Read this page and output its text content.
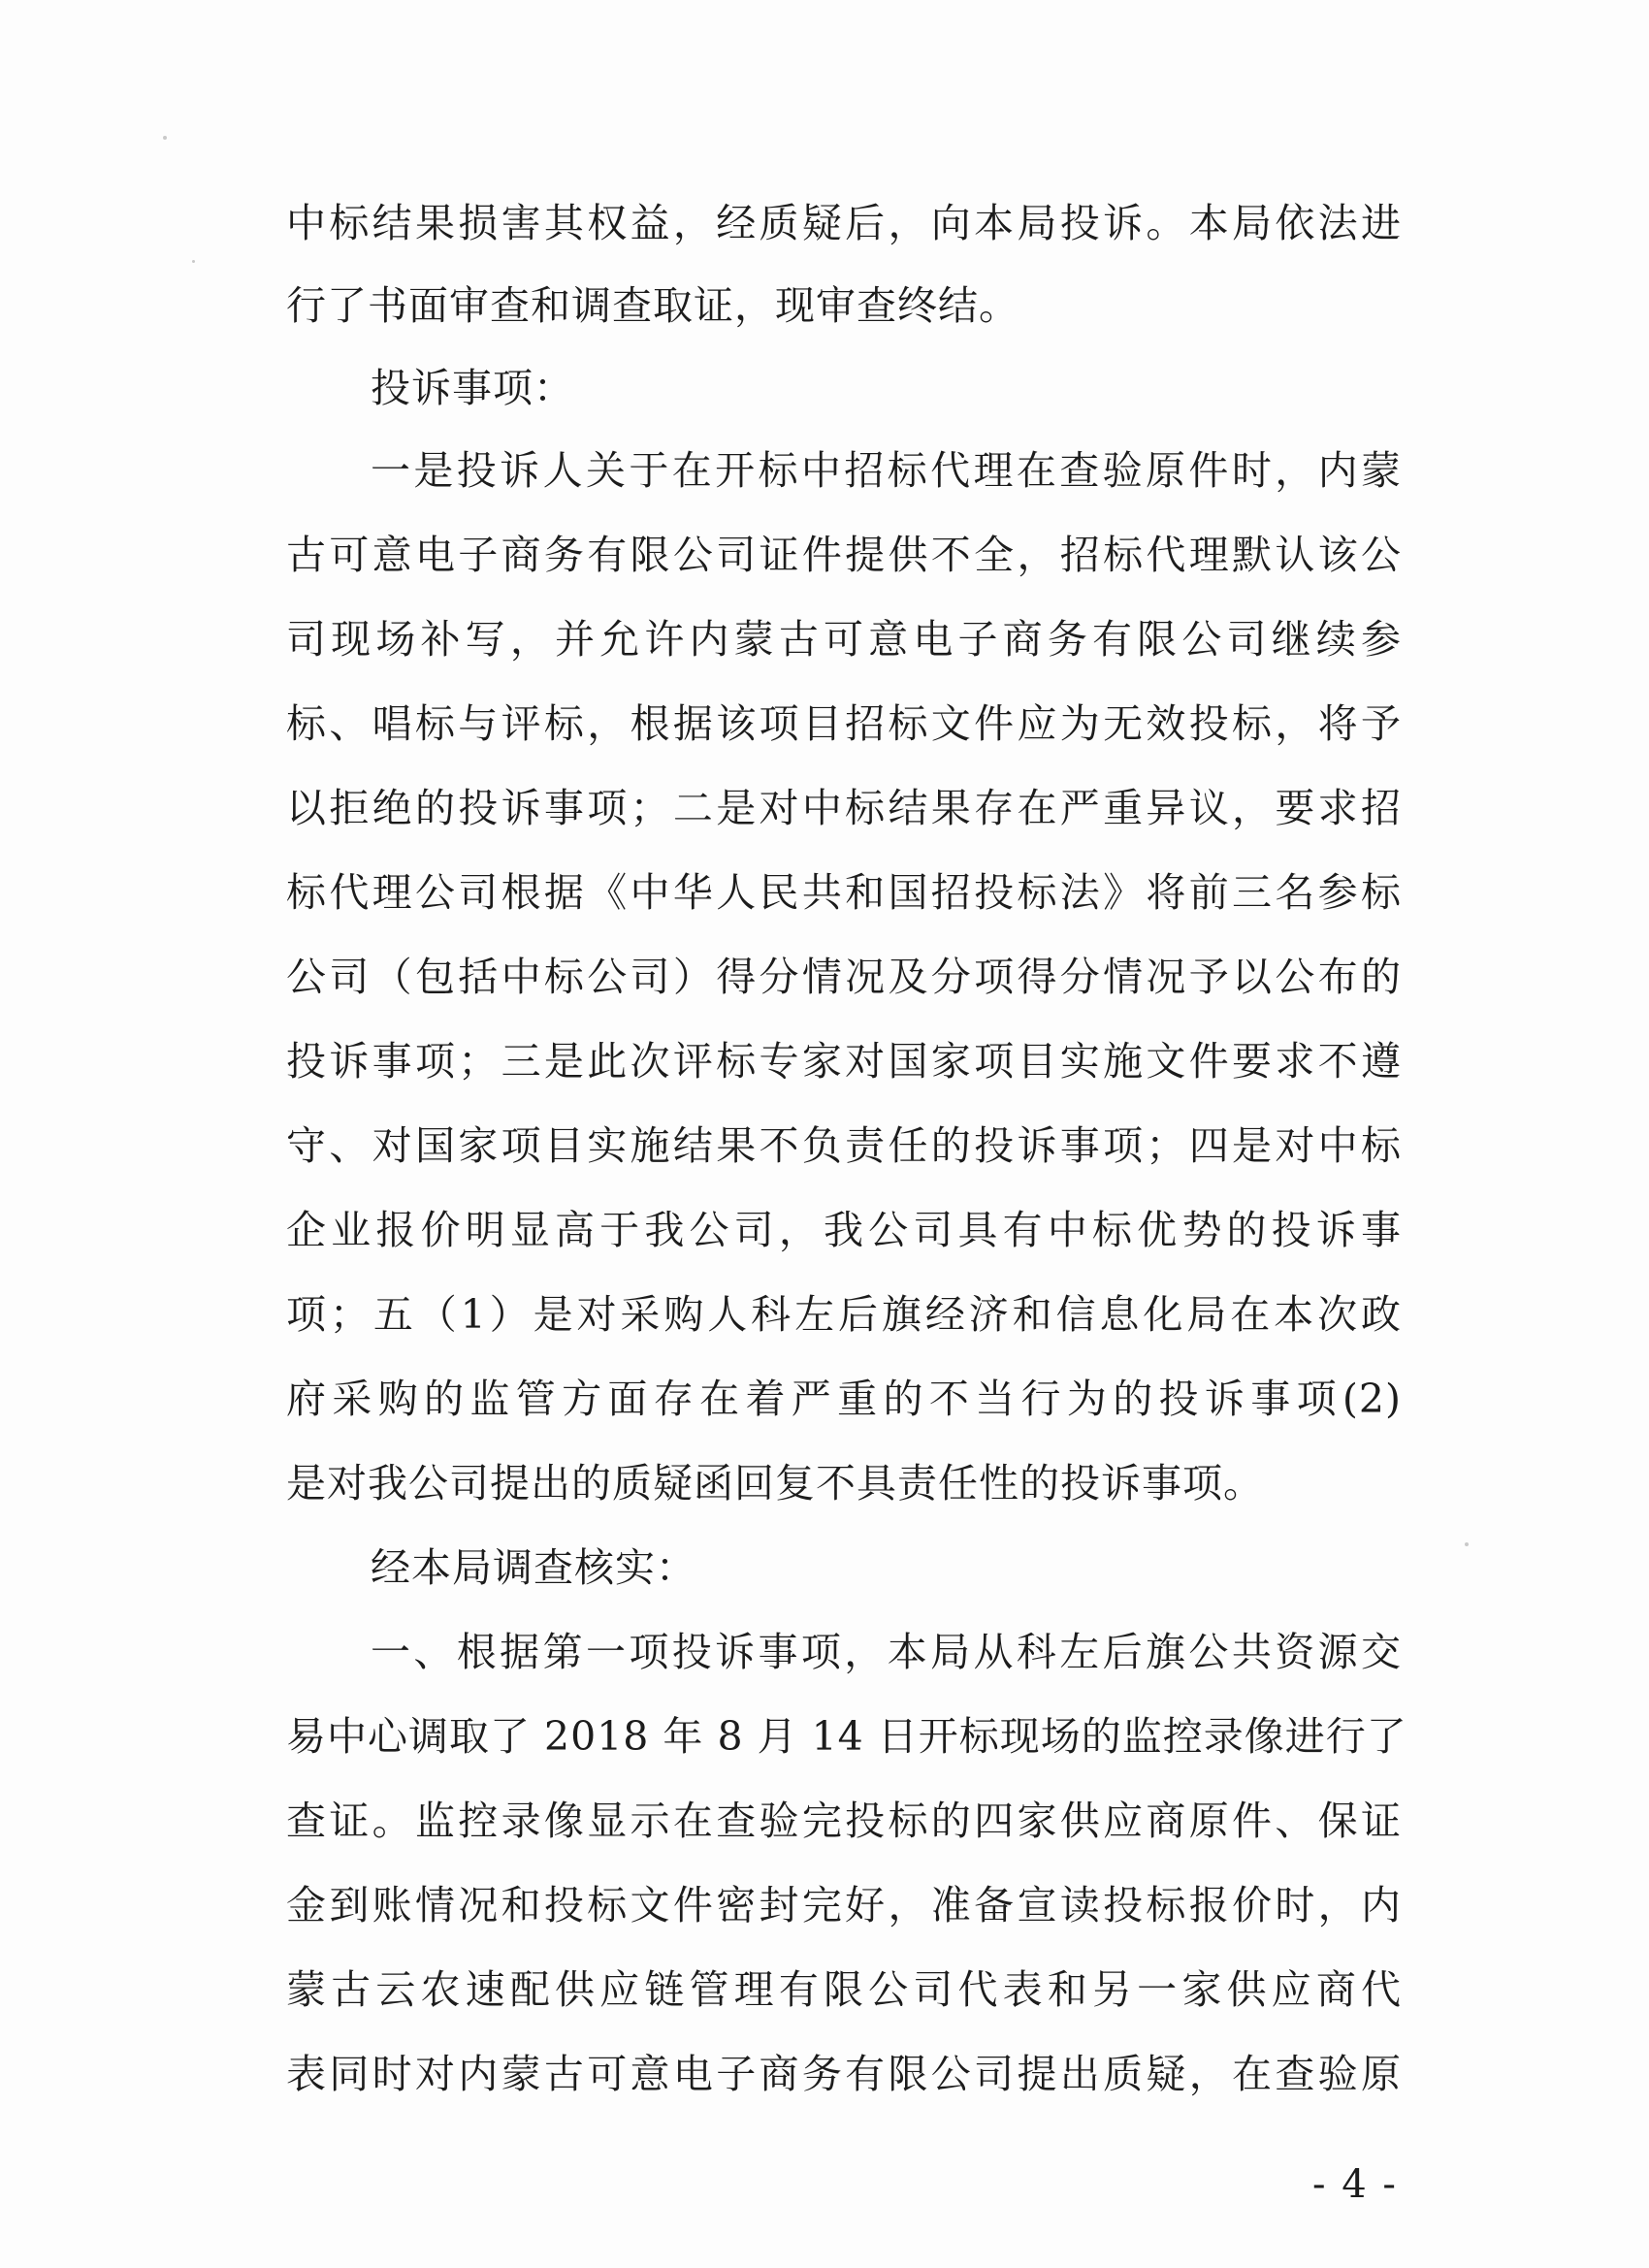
中标结果损害其权益，经质疑后，向本局投诉。本局依法进
行了书面审查和调查取证，现审查终结。
投诉事项：
一是投诉人关于在开标中招标代理在查验原件时，内蒙
古可意电子商务有限公司证件提供不全，招标代理默认该公
司现场补写，并允许内蒙古可意电子商务有限公司继续参
标、唱标与评标，根据该项目招标文件应为无效投标，将予
以拒绝的投诉事项；二是对中标结果存在严重异议，要求招
标代理公司根据《中华人民共和国招投标法》将前三名参标
公司（包括中标公司）得分情况及分项得分情况予以公布的
投诉事项；三是此次评标专家对国家项目实施文件要求不遵
守、对国家项目实施结果不负责任的投诉事项；四是对中标
企业报价明显高于我公司，我公司具有中标优势的投诉事
项；五（1）是对采购人科左后旗经济和信息化局在本次政
府采购的监管方面存在着严重的不当行为的投诉事项(2)
是对我公司提出的质疑函回复不具责任性的投诉事项。
经本局调查核实：
一、根据第一项投诉事项，本局从科左后旗公共资源交
易中心调取了 2018 年 8 月 14 日开标现场的监控录像进行了
查证。监控录像显示在查验完投标的四家供应商原件、保证
金到账情况和投标文件密封完好，准备宣读投标报价时，内
蒙古云农速配供应链管理有限公司代表和另一家供应商代
表同时对内蒙古可意电子商务有限公司提出质疑，在查验原
- 4 -
